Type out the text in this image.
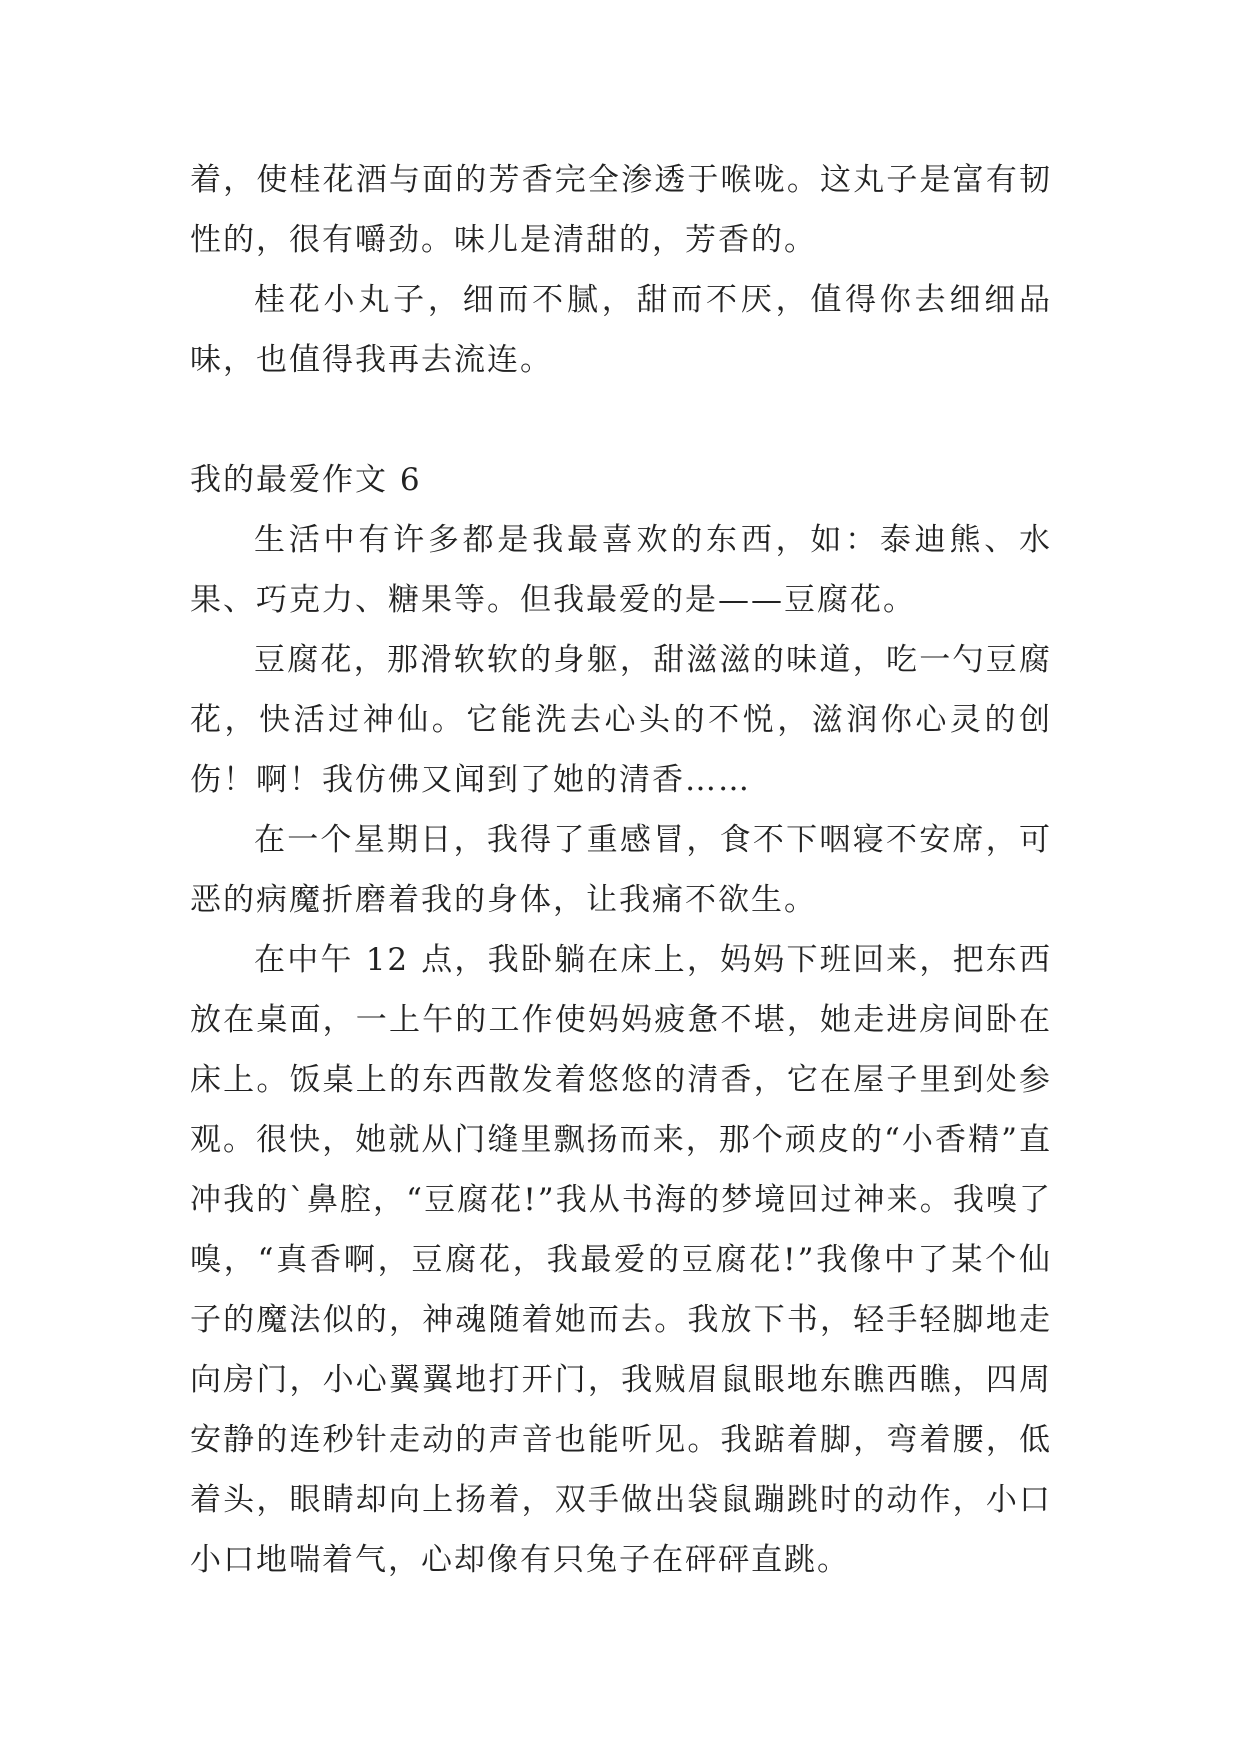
着，使桂花酒与面的芳香完全渗透于喉咙。这丸子是富有韧性的，很有嚼劲。味儿是清甜的，芳香的。

桂花小丸子，细而不腻，甜而不厌，值得你去细细品味，也值得我再去流连。

我的最爱作文 6

生活中有许多都是我最喜欢的东西，如：泰迪熊、水果、巧克力、糖果等。但我最爱的是——豆腐花。

豆腐花，那滑软软的身躯，甜滋滋的味道，吃一勺豆腐花，快活过神仙。它能洗去心头的不悦，滋润你心灵的创伤！啊！我仿佛又闻到了她的清香……

在一个星期日，我得了重感冒，食不下咽寝不安席，可恶的病魔折磨着我的身体，让我痛不欲生。

在中午 12 点，我卧躺在床上，妈妈下班回来，把东西放在桌面，一上午的工作使妈妈疲惫不堪，她走进房间卧在床上。饭桌上的东西散发着悠悠的清香，它在屋子里到处参观。很快，她就从门缝里飘扬而来，那个顽皮的“小香精”直冲我的`鼻腔，“豆腐花!”我从书海的梦境回过神来。我嗅了嗅，“真香啊，豆腐花，我最爱的豆腐花!”我像中了某个仙子的魔法似的，神魂随着她而去。我放下书，轻手轻脚地走向房门，小心翼翼地打开门，我贼眉鼠眼地东瞧西瞧，四周安静的连秒针走动的声音也能听见。我踮着脚，弯着腰，低着头，眼睛却向上扬着，双手做出袋鼠蹦跳时的动作，小口小口地喘着气，心却像有只兔子在砰砰直跳。
